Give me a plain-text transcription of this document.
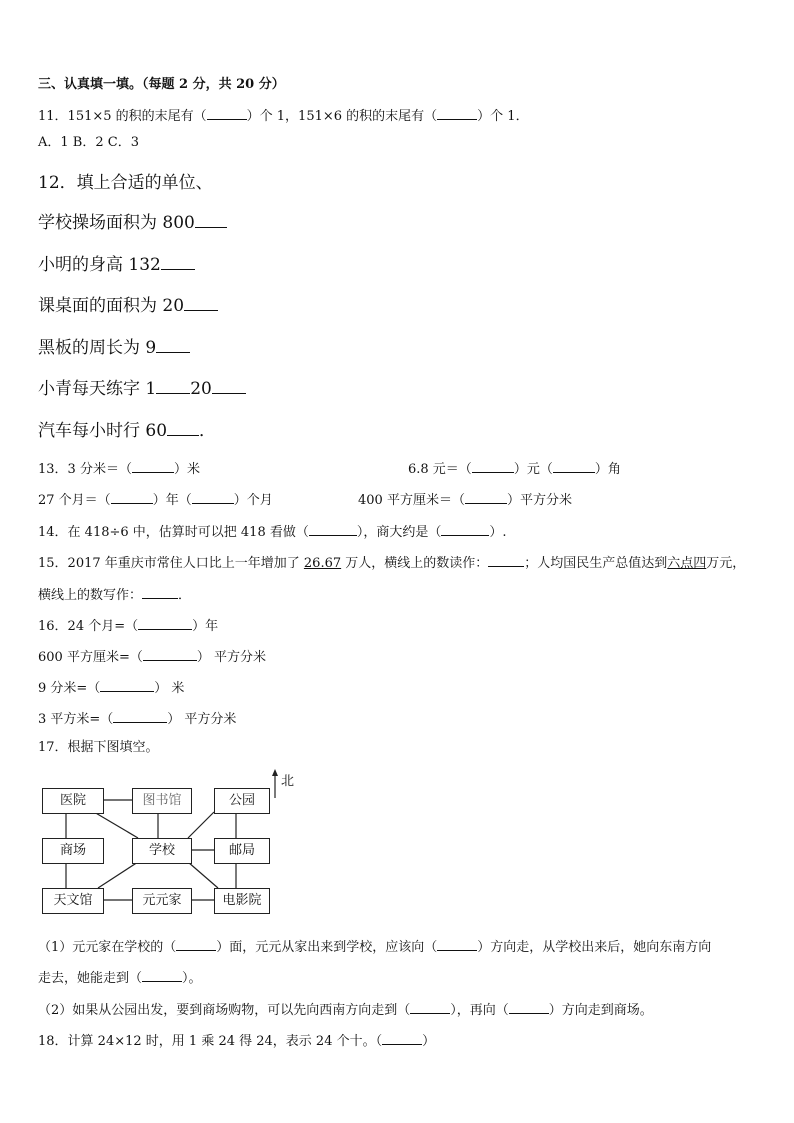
三、认真填一填。（每题 2 分，共 20 分）
11．151×5 的积的末尾有（	）个 1，151×6 的积的末尾有（	）个 1．
A．1 B．2 C．3
12．填上合适的单位、
学校操场面积为 800
小明的身高 132
课桌面的面积为 20
黑板的周长为 9
小青每天练字 1 20
汽车每小时行 60 ．
13．3 分米＝（	）米	6.8 元＝（	）元（	）角
27 个月＝（	）年（	）个月	400 平方厘米＝（	）平方分米
14．在 418÷6 中，估算时可以把 418 看做（	），商大约是（	）.
15．2017 年重庆市常住人口比上一年增加了 26.67 万人，横线上的数读作：	；人均国民生产总值达到六点四万元，
横线上的数写作：	．
16．24 个月=（	）年
600 平方厘米=（	） 平方分米
9 分米=（	） 米
3 平方米=（	） 平方分米
17．根据下图填空。
北
医院	图书馆	公园
商场	学校	邮局
天文馆	元元家	电影院
（1）元元家在学校的（	）面，元元从家出来到学校，应该向（	）方向走，从学校出来后，她向东南方向
走去，她能走到（	）。
（2）如果从公园出发，要到商场购物，可以先向西南方向走到（	），再向（	）方向走到商场。
18．计算 24×12 时，用 1 乘 24 得 24，表示 24 个十。（	）
